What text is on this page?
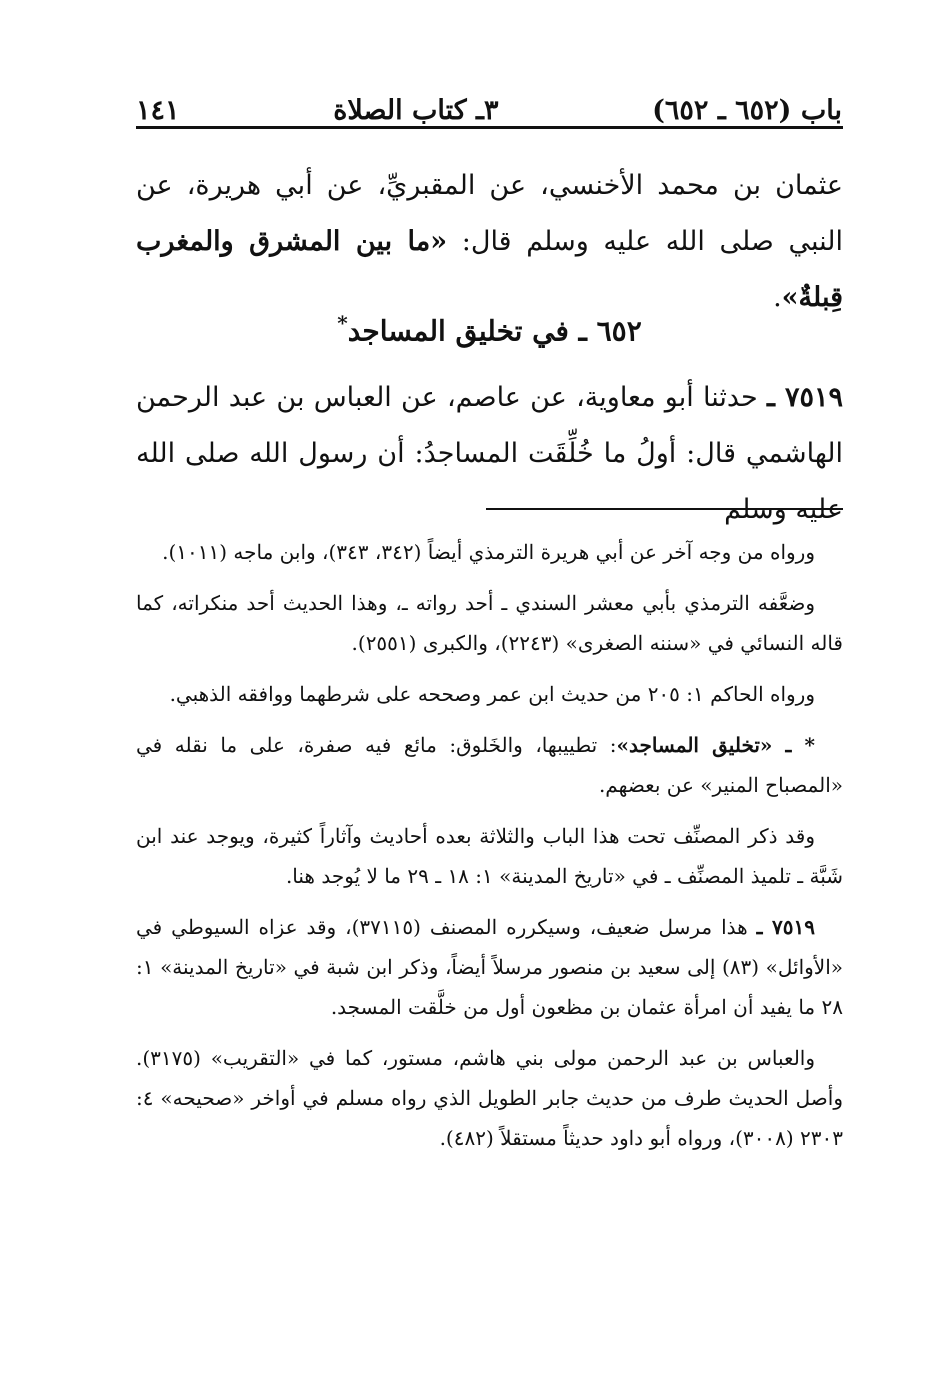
باب (٦٥٢ ـ ٦٥٢)
٣ـ كتاب الصلاة
١٤١
عثمان بن محمد الأخنسي، عن المقبريِّ، عن أبي هريرة، عن النبي صلى الله عليه وسلم قال: «ما بين المشرق والمغرب قِبلةٌ».
٦٥٢ ـ في تخليق المساجد*
٧٥١٩ ـ حدثنا أبو معاوية، عن عاصم، عن العباس بن عبد الرحمن الهاشمي قال: أولُ ما خُلِّقَت المساجدُ: أن رسول الله صلى الله عليه وسلم

ورواه من وجه آخر عن أبي هريرة الترمذي أيضاً (٣٤٢، ٣٤٣)، وابن ماجه (١٠١١).

وضعَّفه الترمذي بأبي معشر السندي ـ أحد رواته ـ، وهذا الحديث أحد منكراته، كما قاله النسائي في «سننه الصغرى» (٢٢٤٣)، والكبرى (٢٥٥١).

ورواه الحاكم ١: ٢٠٥ من حديث ابن عمر وصححه على شرطهما ووافقه الذهبي.

* ـ «تخليق المساجد»: تطييبها، والخَلوق: مائع فيه صفرة، على ما نقله في «المصباح المنير» عن بعضهم.

وقد ذكر المصنِّف تحت هذا الباب والثلاثة بعده أحاديث وآثاراً كثيرة، ويوجد عند ابن شَبَّة ـ تلميذ المصنِّف ـ في «تاريخ المدينة» ١: ١٨ ـ ٢٩ ما لا يُوجد هنا.

٧٥١٩ ـ هذا مرسل ضعيف، وسيكرره المصنف (٣٧١١٥)، وقد عزاه السيوطي في «الأوائل» (٨٣) إلى سعيد بن منصور مرسلاً أيضاً، وذكر ابن شبة في «تاريخ المدينة» ١: ٢٨ ما يفيد أن امرأة عثمان بن مظعون أول من خلَّقت المسجد.

والعباس بن عبد الرحمن مولى بني هاشم، مستور، كما في «التقريب» (٣١٧٥). وأصل الحديث طرف من حديث جابر الطويل الذي رواه مسلم في أواخر «صحيحه» ٤: ٢٣٠٣ (٣٠٠٨)، ورواه أبو داود حديثاً مستقلاً (٤٨٢).
